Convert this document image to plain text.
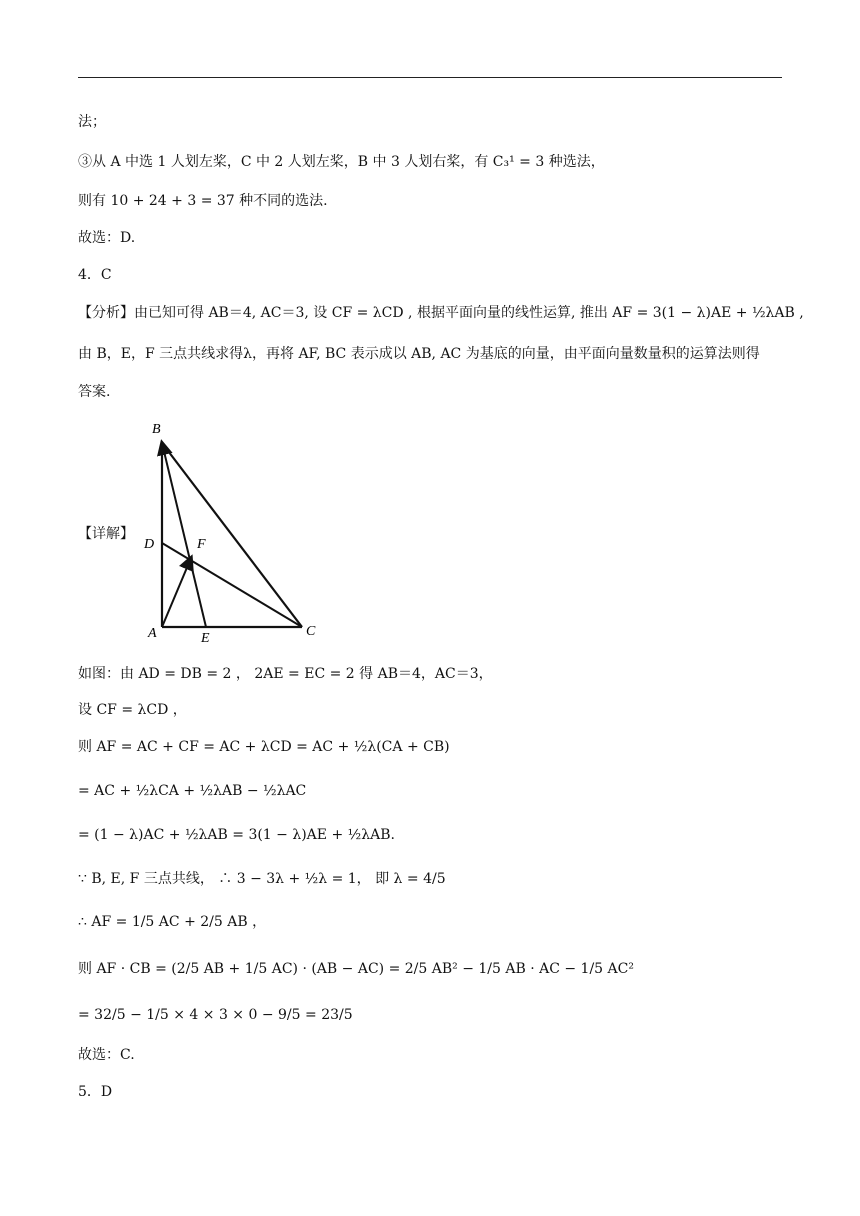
法；
③从 A 中选 1 人划左桨，C 中 2 人划左桨，B 中 3 人划右桨，有 C₃¹ = 3 种选法，
则有 10 + 24 + 3 = 37 种不同的选法.
故选：D.
4．C
【分析】由已知可得 AB＝4, AC＝3, 设 CF = λCD , 根据平面向量的线性运算, 推出 AF = 3(1 − λ)AE + ½λAB ,
由 B，E，F 三点共线求得λ，再将 AF, BC 表示成以 AB, AC 为基底的向量，由平面向量数量积的运算法则得
答案.
【详解】
B
D	F
A	E	C
如图：由 AD = DB = 2 ， 2AE = EC = 2 得 AB＝4，AC＝3，
设 CF = λCD ，
则 AF = AC + CF = AC + λCD = AC + ½λ(CA + CB)
= AC + ½λCA + ½λAB − ½λAC
= (1 − λ)AC + ½λAB = 3(1 − λ)AE + ½λAB.
∵ B, E, F 三点共线， ∴ 3 − 3λ + ½λ = 1， 即 λ = 4/5
∴ AF = 1/5 AC + 2/5 AB ，
则 AF · CB = (2/5 AB + 1/5 AC) · (AB − AC) = 2/5 AB² − 1/5 AB · AC − 1/5 AC²
= 32/5 − 1/5 × 4 × 3 × 0 − 9/5 = 23/5
故选：C.
5．D
